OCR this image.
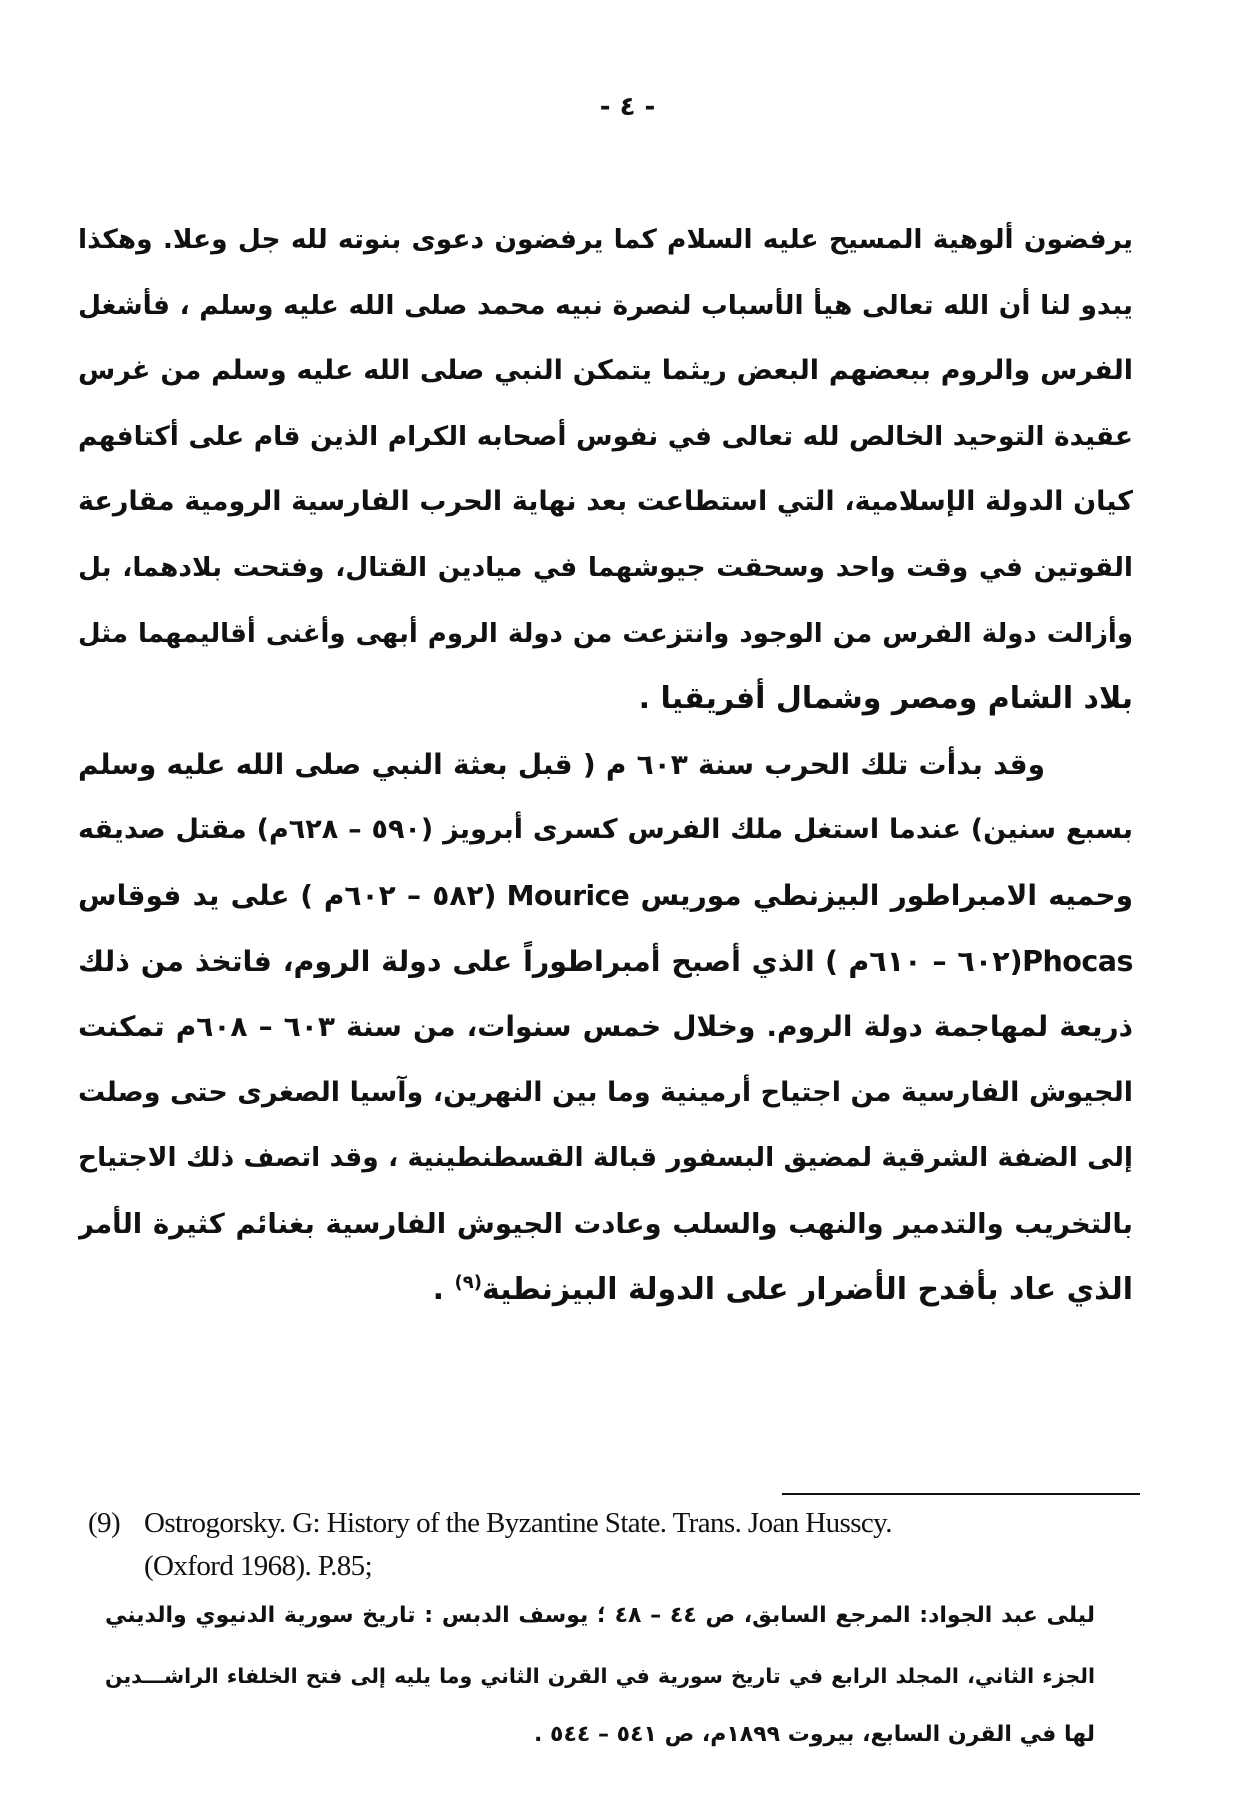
- ٤ -
يرفضون ألوهية المسيح عليه السلام كما يرفضون دعوى بنوته لله جل وعلا. وهكذا
يبدو لنا أن الله تعالى هيأ الأسباب لنصرة نبيه محمد صلى الله عليه وسلم ، فأشغل
الفرس والروم ببعضهم البعض ريثما يتمكن النبي صلى الله عليه وسلم من غرس
عقيدة التوحيد الخالص لله تعالى في نفوس أصحابه الكرام الذين قام على أكتافهم
كيان الدولة الإسلامية، التي استطاعت بعد نهاية الحرب الفارسية الرومية مقارعة
القوتين في وقت واحد وسحقت جيوشهما في ميادين القتال، وفتحت بلادهما، بل
وأزالت دولة الفرس من الوجود وانتزعت من دولة الروم أبهى وأغنى أقاليمهما مثل
بلاد الشام ومصر وشمال أفريقيا .
وقد بدأت تلك الحرب سنة ٦٠٣ م ( قبل بعثة النبي صلى الله عليه وسلم
بسبع سنين) عندما استغل ملك الفرس كسرى أبرويز (٥٩٠ – ٦٢٨م) مقتل صديقه
وحميه الامبراطور البيزنطي موريس Mourice (٥٨٢ – ٦٠٢م ) على يد فوقاس
Phocas(٦٠٢ – ٦١٠م ) الذي أصبح أمبراطوراً على دولة الروم، فاتخذ من ذلك
ذريعة لمهاجمة دولة الروم. وخلال خمس سنوات، من سنة ٦٠٣ – ٦٠٨م تمكنت
الجيوش الفارسية من اجتياح أرمينية وما بين النهرين، وآسيا الصغرى حتى وصلت
إلى الضفة الشرقية لمضيق البسفور قبالة القسطنطينية ، وقد اتصف ذلك الاجتياح
بالتخريب والتدمير والنهب والسلب وعادت الجيوش الفارسية بغنائم كثيرة الأمر
الذي عاد بأفدح الأضرار على الدولة البيزنطية$^{(٩)}$ .
(9) Ostrogorsky. G: History of the Byzantine State. Trans. Joan Husscy.
(Oxford 1968). P.85;
ليلى عبد الجواد: المرجع السابق، ص ٤٤ – ٤٨ ؛ يوسف الدبس : تاريخ سورية الدنيوي والديني
الجزء الثاني، المجلد الرابع في تاريخ سورية في القرن الثاني وما يليه إلى فتح الخلفاء الراشـــدين
لها في القرن السابع، بيروت ١٨٩٩م، ص ٥٤١ – ٥٤٤ .
